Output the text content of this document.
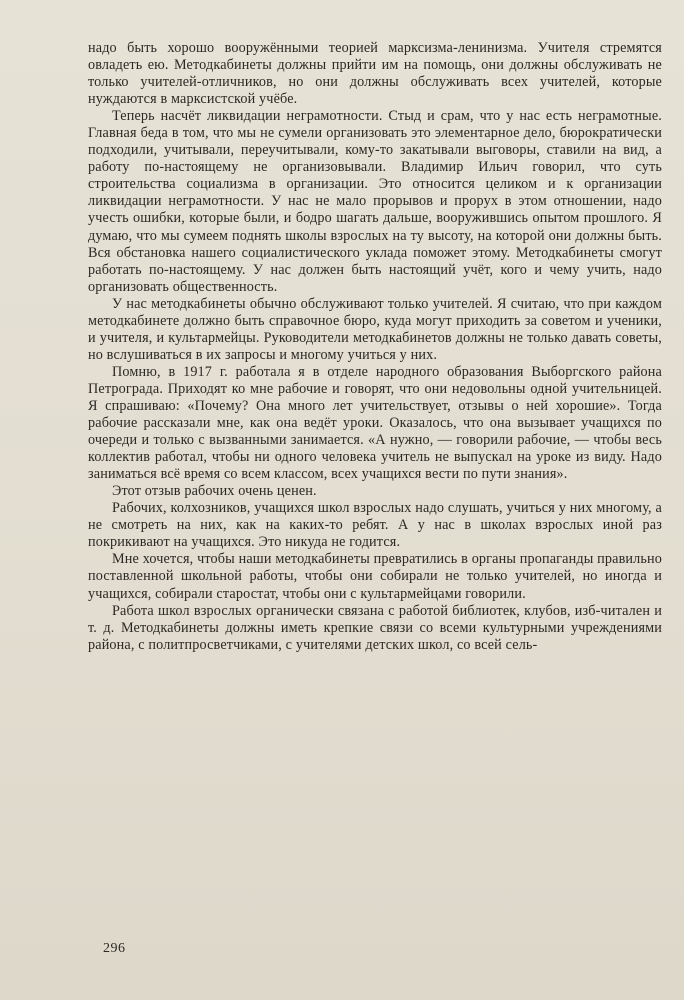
надо быть хорошо вооружёнными теорией марксизма-ленинизма. Учителя стремятся овладеть ею. Методкабинеты должны прийти им на помощь, они должны обслуживать не только учителей-отличников, но они должны обслуживать всех учителей, которые нуждаются в марксистской учёбе.

Теперь насчёт ликвидации неграмотности. Стыд и срам, что у нас есть неграмотные. Главная беда в том, что мы не сумели организовать это элементарное дело, бюрократически подходили, учитывали, переучитывали, кому-то закатывали выговоры, ставили на вид, а работу по-настоящему не организовывали. Владимир Ильич говорил, что суть строительства социализма в организации. Это относится целиком и к организации ликвидации неграмотности. У нас не мало прорывов и прорух в этом отношении, надо учесть ошибки, которые были, и бодро шагать дальше, вооружившись опытом прошлого. Я думаю, что мы сумеем поднять школы взрослых на ту высоту, на которой они должны быть. Вся обстановка нашего социалистического уклада поможет этому. Методкабинеты смогут работать по-настоящему. У нас должен быть настоящий учёт, кого и чему учить, надо организовать общественность.

У нас методкабинеты обычно обслуживают только учителей. Я считаю, что при каждом методкабинете должно быть справочное бюро, куда могут приходить за советом и ученики, и учителя, и культармейцы. Руководители методкабинетов должны не только давать советы, но вслушиваться в их запросы и многому учиться у них.

Помню, в 1917 г. работала я в отделе народного образования Выборгского района Петрограда. Приходят ко мне рабочие и говорят, что они недовольны одной учительницей. Я спрашиваю: «Почему? Она много лет учительствует, отзывы о ней хорошие». Тогда рабочие рассказали мне, как она ведёт уроки. Оказалось, что она вызывает учащихся по очереди и только с вызванными занимается. «А нужно, — говорили рабочие, — чтобы весь коллектив работал, чтобы ни одного человека учитель не выпускал на уроке из виду. Надо заниматься всё время со всем классом, всех учащихся вести по пути знания».

Этот отзыв рабочих очень ценен.

Рабочих, колхозников, учащихся школ взрослых надо слушать, учиться у них многому, а не смотреть на них, как на каких-то ребят. А у нас в школах взрослых иной раз покрикивают на учащихся. Это никуда не годится.

Мне хочется, чтобы наши методкабинеты превратились в органы пропаганды правильно поставленной школьной работы, чтобы они собирали не только учителей, но иногда и учащихся, собирали старостат, чтобы они с культармейцами говорили.

Работа школ взрослых органически связана с работой библиотек, клубов, изб-читален и т. д. Методкабинеты должны иметь крепкие связи со всеми культурными учреждениями района, с политпросветчиками, с учителями детских школ, со всей сель-

296
